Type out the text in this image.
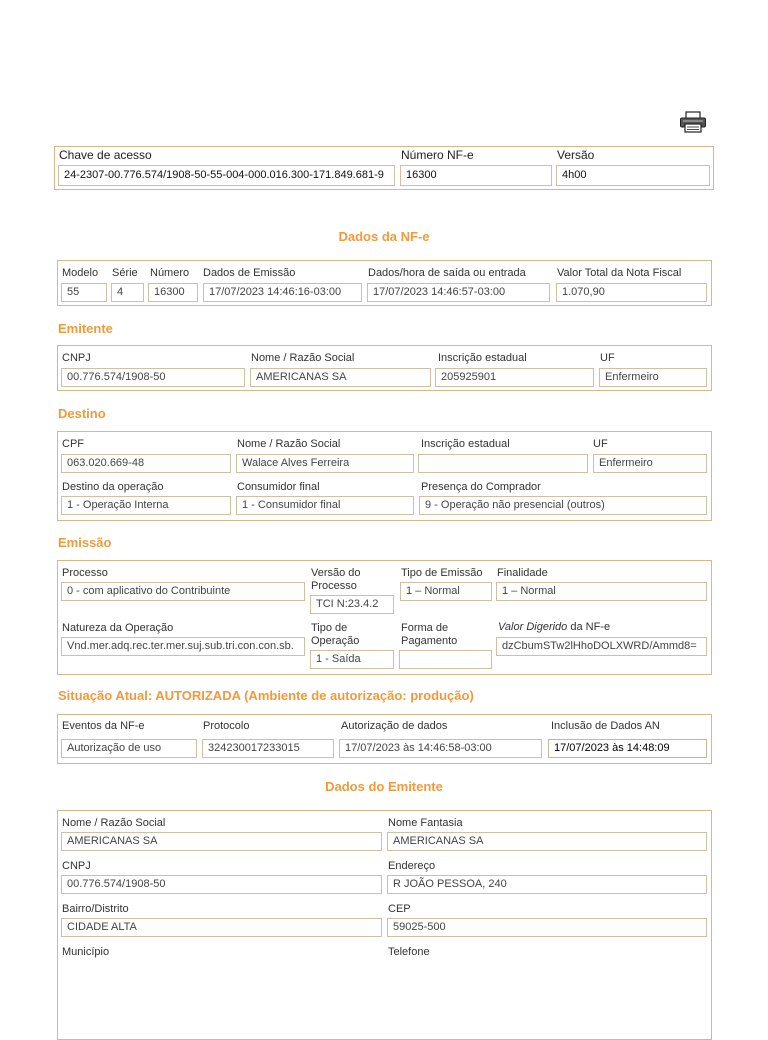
Chave de acesso
24-2307-00.776.574/1908-50-55-004-000.016.300-171.849.681-9
Número NF-e
16300
Versão
4h00
Dados da NF-e
Modelo
55
Série
4
Número
16300
Dados de Emissão
17/07/2023 14:46:16-03:00
Dados/hora de saída ou entrada
17/07/2023 14:46:57-03:00
Valor Total da Nota Fiscal
1.070,90
Emitente
CNPJ
00.776.574/1908-50
Nome / Razão Social
AMERICANAS SA
Inscrição estadual
205925901
UF
Enfermeiro
Destino
CPF
063.020.669-48
Nome / Razão Social
Walace Alves Ferreira
Inscrição estadual	UF
Enfermeiro
Destino da operação
1 - Operação Interna
Consumidor final
1 - Consumidor final
Presença do Comprador
9 - Operação não presencial (outros)
Emissão
Processo
0 - com aplicativo do Contribuinte
Versão do
Processo
TCI N:23.4.2
Tipo de Emissão
1 – Normal
Finalidade
1 – Normal
Natureza da Operação
Vnd.mer.adq.rec.ter.mer.suj.sub.tri.con.con.sb.
Tipo de
Operação
1 - Saída
Forma de
Pagamento
Valor Digerido da NF-e
dzCbumSTw2lHhoDOLXWRD/Ammd8=
Situação Atual: AUTORIZADA (Ambiente de autorização: produção)
Eventos da NF-e
Autorização de uso
Protocolo
324230017233015
Autorização de dados
17/07/2023 às 14:46:58-03:00
Inclusão de Dados AN
17/07/2023 às 14:48:09
Dados do Emitente
Nome / Razão Social
AMERICANAS SA
Nome Fantasia
AMERICANAS SA
CNPJ
00.776.574/1908-50
Endereço
R JOÃO PESSOA, 240
Bairro/Distrito
CIDADE ALTA
CEP
59025-500
Município	Telefone
